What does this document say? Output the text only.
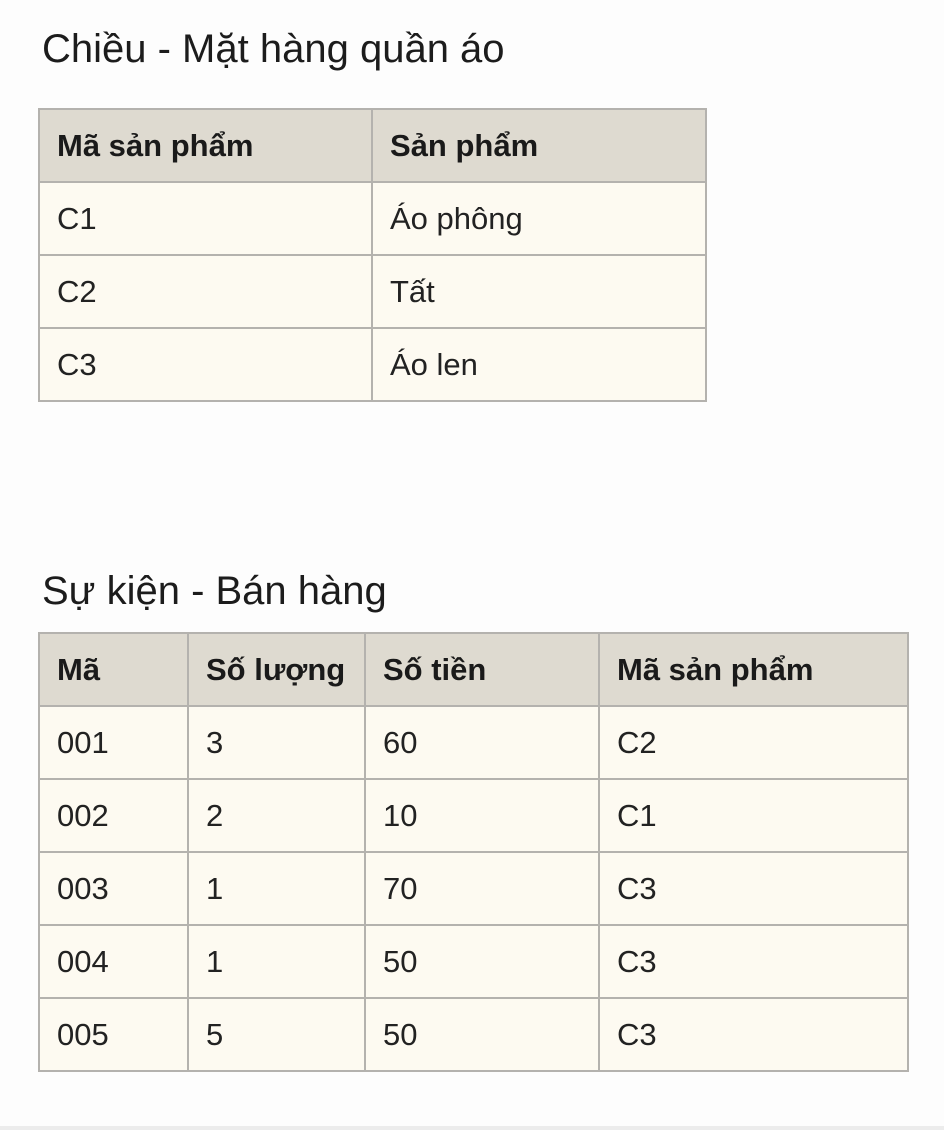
Chiều - Mặt hàng quần áo
Mã sản phẩm	Sản phẩm
C1	Áo phông
C2	Tất
C3	Áo len
Sự kiện - Bán hàng
Mã	Số lượng	Số tiền	Mã sản phẩm
001	3	60	C2
002	2	10	C1
003	1	70	C3
004	1	50	C3
005	5	50	C3
